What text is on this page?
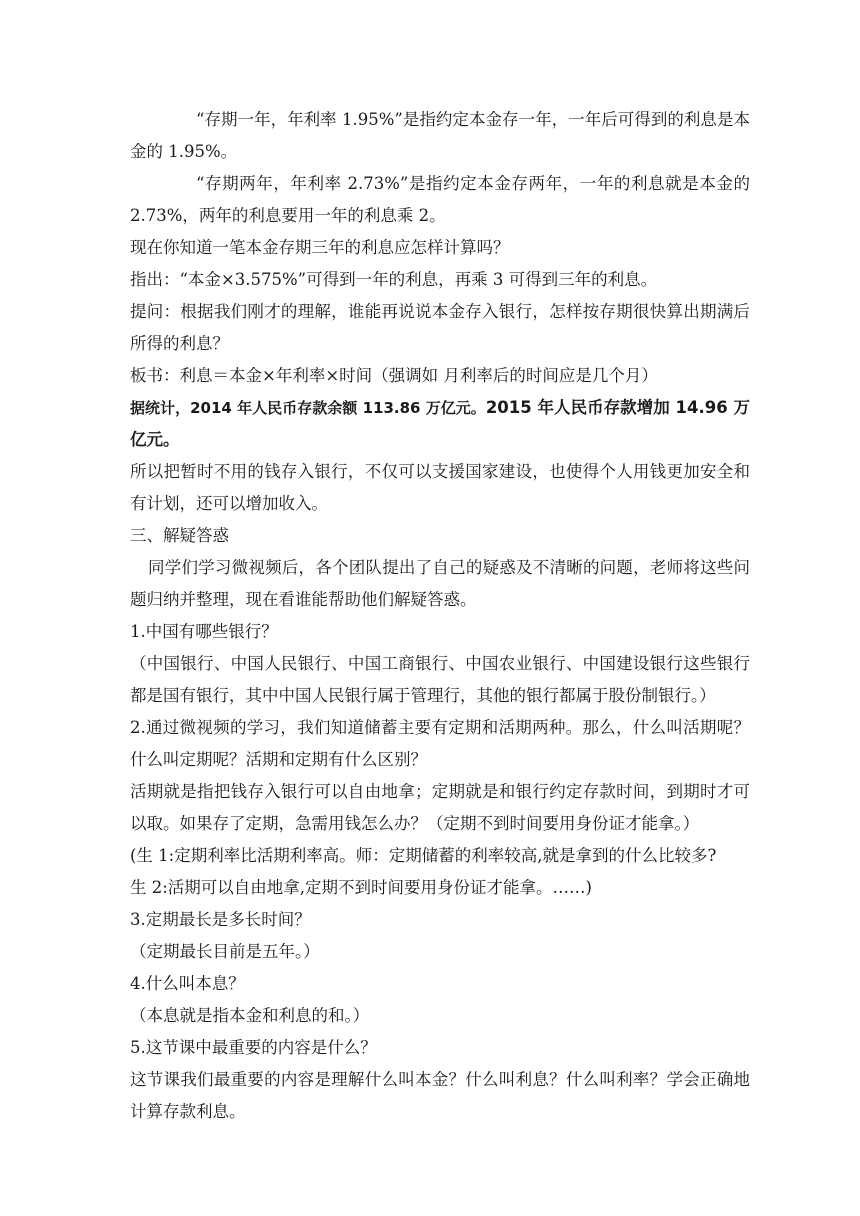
“存期一年，年利率 1.95%”是指约定本金存一年，一年后可得到的利息是本金的 1.95%。

“存期两年，年利率 2.73%”是指约定本金存两年，一年的利息就是本金的 2.73%，两年的利息要用一年的利息乘 2。

现在你知道一笔本金存期三年的利息应怎样计算吗？

指出：“本金×3.575%”可得到一年的利息，再乘 3 可得到三年的利息。

提问：根据我们刚才的理解，谁能再说说本金存入银行，怎样按存期很快算出期满后所得的利息？

板书：利息＝本金×年利率×时间（强调如 月利率后的时间应是几个月）

据统计，2014 年人民币存款余额 113.86 万亿元。2015 年人民币存款增加 14.96 万亿元。

所以把暂时不用的钱存入银行，不仅可以支援国家建设，也使得个人用钱更加安全和有计划，还可以增加收入。

三、解疑答惑

同学们学习微视频后，各个团队提出了自己的疑惑及不清晰的问题，老师将这些问题归纳并整理，现在看谁能帮助他们解疑答惑。

1.中国有哪些银行？

（中国银行、中国人民银行、中国工商银行、中国农业银行、中国建设银行这些银行都是国有银行，其中中国人民银行属于管理行，其他的银行都属于股份制银行。）

2.通过微视频的学习，我们知道储蓄主要有定期和活期两种。那么，什么叫活期呢？什么叫定期呢？活期和定期有什么区别？

活期就是指把钱存入银行可以自由地拿；定期就是和银行约定存款时间，到期时才可以取。如果存了定期，急需用钱怎么办？（定期不到时间要用身份证才能拿。）

(生 1:定期利率比活期利率高。师：定期储蓄的利率较高,就是拿到的什么比较多?

生 2:活期可以自由地拿,定期不到时间要用身份证才能拿。……)

3.定期最长是多长时间？

（定期最长目前是五年。）

4.什么叫本息？

（本息就是指本金和利息的和。）

5.这节课中最重要的内容是什么？

这节课我们最重要的内容是理解什么叫本金？什么叫利息？什么叫利率？学会正确地计算存款利息。
